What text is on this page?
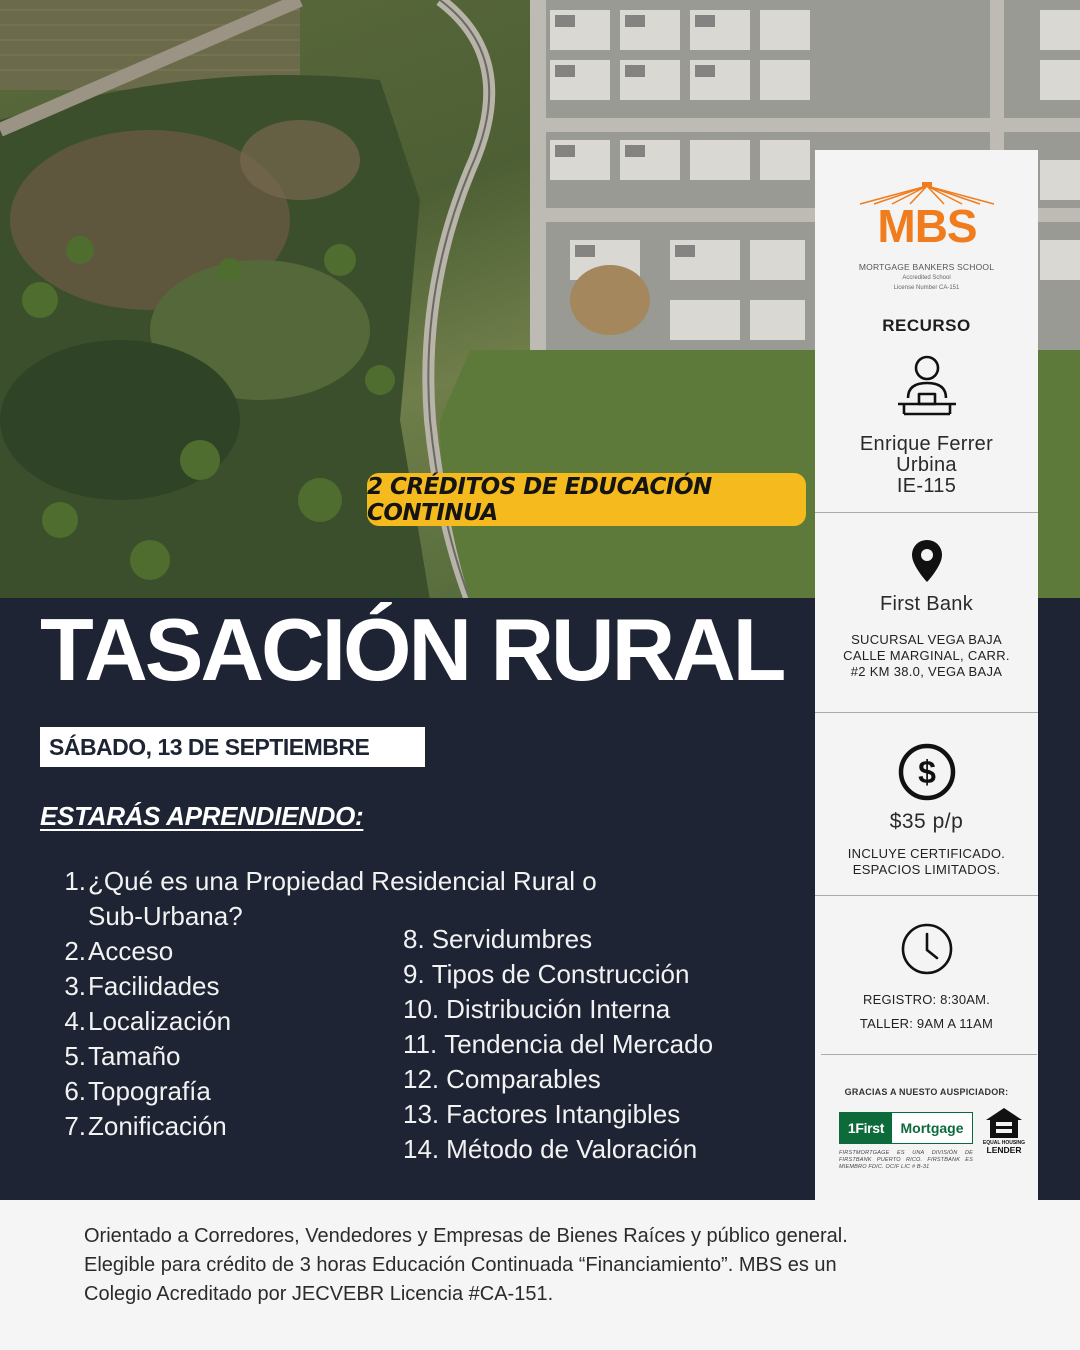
2 CRÉDITOS DE EDUCACIÓN CONTINUA
TASACIÓN RURAL
SÁBADO, 13 DE SEPTIEMBRE
ESTARÁS APRENDIENDO:
1. ¿Qué es una Propiedad Residencial Rural o
Sub-Urbana?
2. Acceso
3. Facilidades
4. Localización
5. Tamaño
6. Topografía
7. Zonificación
8. Servidumbres
9. Tipos de Construcción
10. Distribución Interna
11. Tendencia del Mercado
12. Comparables
13. Factores Intangibles
14. Método de Valoración
MBS
MORTGAGE BANKERS SCHOOL
Accredited School
License Number CA-151
RECURSO
Enrique Ferrer
Urbina
IE-115
First Bank
SUCURSAL VEGA BAJA
CALLE MARGINAL, CARR.
#2 KM 38.0, VEGA BAJA
$
$35 p/p
INCLUYE CERTIFICADO.
ESPACIOS LIMITADOS.
REGISTRO: 8:30AM.
TALLER: 9AM A 11AM
GRACIAS A NUESTO AUSPICIADOR:
1First	Mortgage
FIRSTMORTGAGE ES UNA DIVISIÓN DE FIRSTBANK PUERTO RICO. FIRSTBANK ES MIEMBRO FDIC. OCIF LIC # B-31
EQUAL HOUSING
LENDER
Orientado a Corredores, Vendedores y Empresas de Bienes Raíces y público general.
Elegible para crédito de 3 horas Educación Continuada “Financiamiento”. MBS es un
Colegio Acreditado por JECVEBR Licencia #CA-151.
